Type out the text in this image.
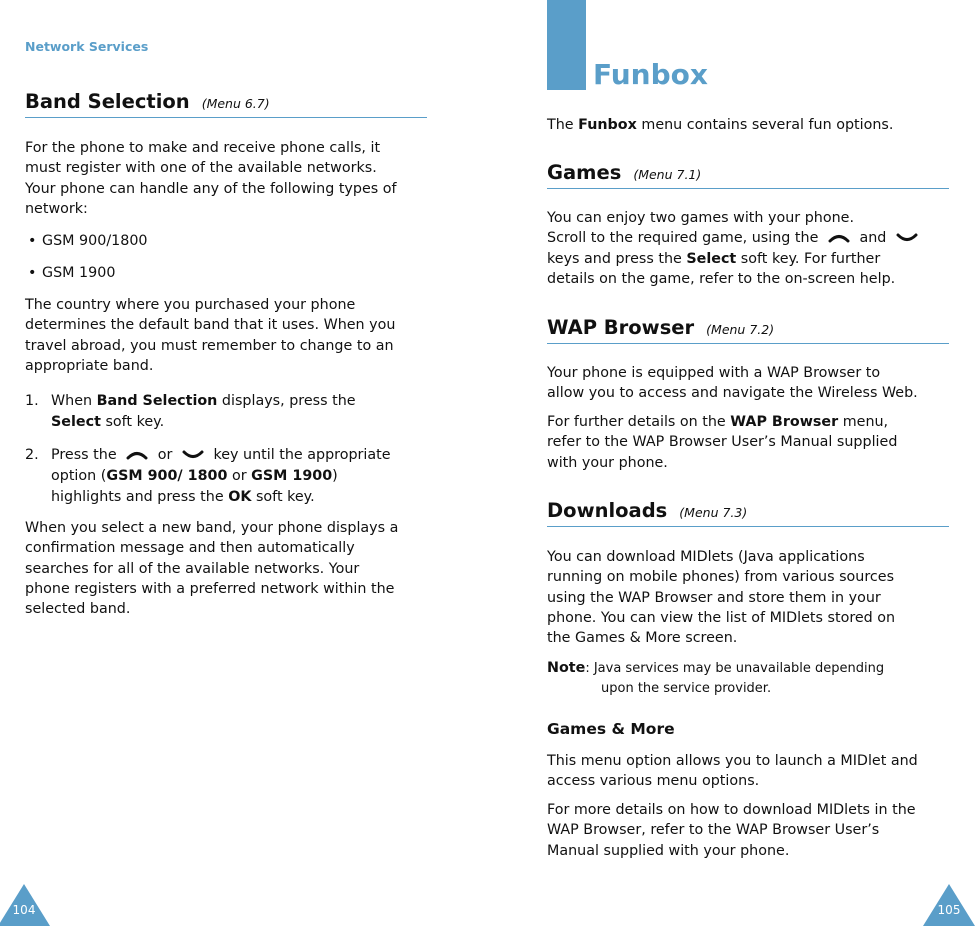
Network Services
Band Selection (Menu 6.7)
For the phone to make and receive phone calls, it
must register with one of the available networks.
Your phone can handle any of the following types of
network:
• GSM 900/1800
• GSM 1900
The country where you purchased your phone
determines the default band that it uses. When you
travel abroad, you must remember to change to an
appropriate band.
1. When Band Selection displays, press the
Select soft key.
2. Press the	or	key until the appropriate
option (GSM 900/ 1800 or GSM 1900)
highlights and press the OK soft key.
When you select a new band, your phone displays a
confirmation message and then automatically
searches for all of the available networks. Your
phone registers with a preferred network within the
selected band.
104
Funbox
The Funbox menu contains several fun options.
Games (Menu 7.1)
You can enjoy two games with your phone.
Scroll to the required game, using the	and
keys and press the Select soft key. For further
details on the game, refer to the on-screen help.
WAP Browser (Menu 7.2)
Your phone is equipped with a WAP Browser to
allow you to access and navigate the Wireless Web.
For further details on the WAP Browser menu,
refer to the WAP Browser User’s Manual supplied
with your phone.
Downloads (Menu 7.3)
You can download MIDlets (Java applications
running on mobile phones) from various sources
using the WAP Browser and store them in your
phone. You can view the list of MIDlets stored on
the Games & More screen.
Note: Java services may be unavailable depending
upon the service provider.
Games & More
This menu option allows you to launch a MIDlet and
access various menu options.
For more details on how to download MIDlets in the
WAP Browser, refer to the WAP Browser User’s
Manual supplied with your phone.
105
